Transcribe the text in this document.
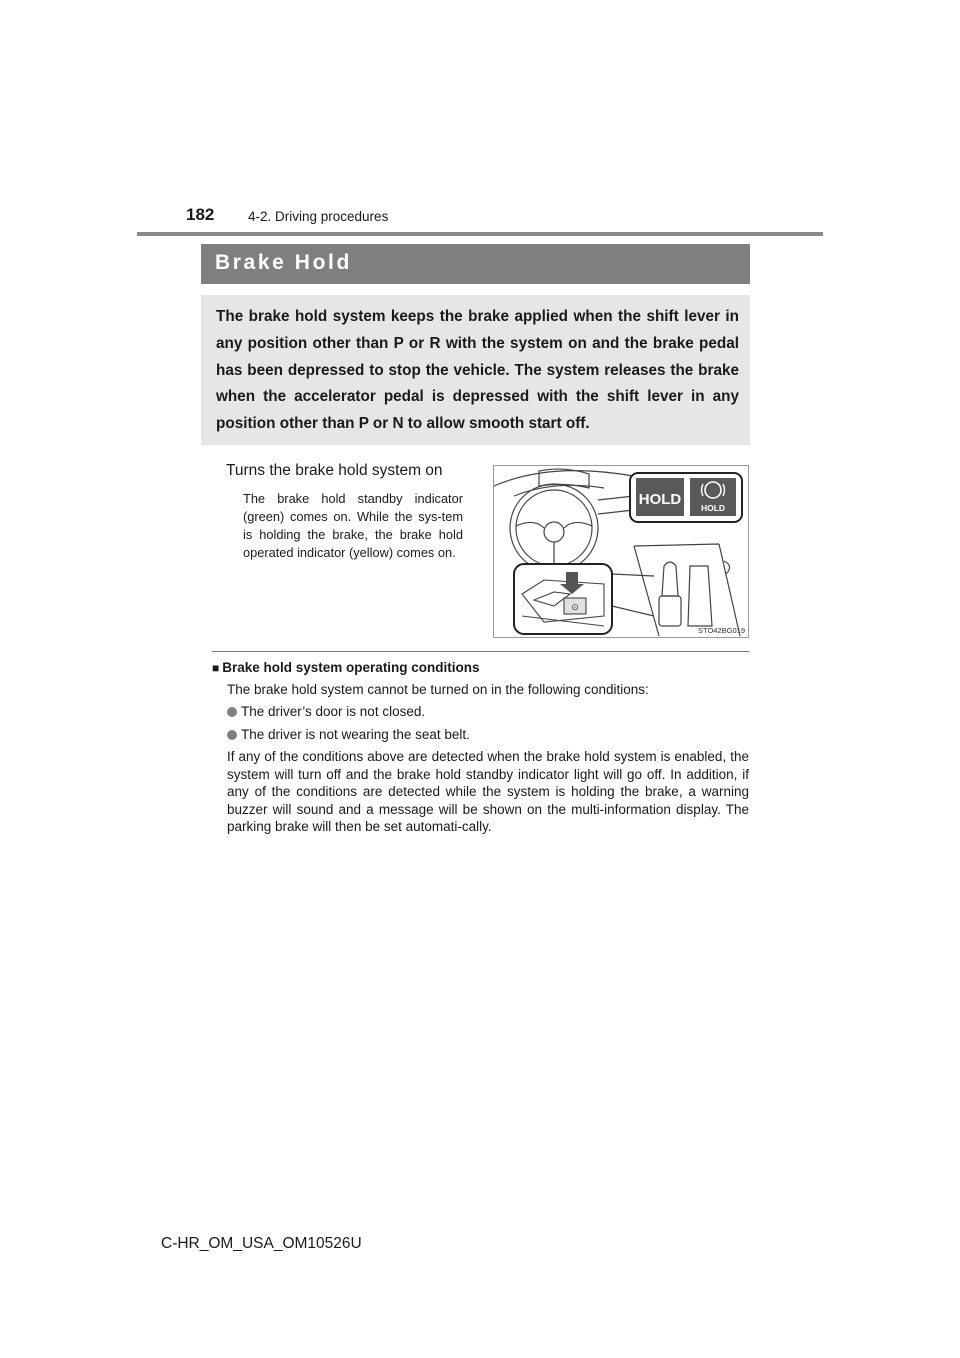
182 4-2. Driving procedures
Brake Hold

The brake hold system keeps the brake applied when the shift lever in any position other than P or R with the system on and the brake pedal has been depressed to stop the vehicle. The system releases the brake when the accelerator pedal is depressed with the shift lever in any position other than P or N to allow smooth start off.

Turns the brake hold system on

The brake hold standby indicator (green) comes on. While the sys-tem is holding the brake, the brake hold operated indicator (yellow) comes on.

HOLD HOLD
⊙
STO42BG019
■ Brake hold system operating conditions
The brake hold system cannot be turned on in the following conditions:
The driver’s door is not closed.
The driver is not wearing the seat belt.

If any of the conditions above are detected when the brake hold system is enabled, the system will turn off and the brake hold standby indicator light will go off. In addition, if any of the conditions are detected while the system is holding the brake, a warning buzzer will sound and a message will be shown on the multi-information display. The parking brake will then be set automati-cally.

C-HR_OM_USA_OM10526U
